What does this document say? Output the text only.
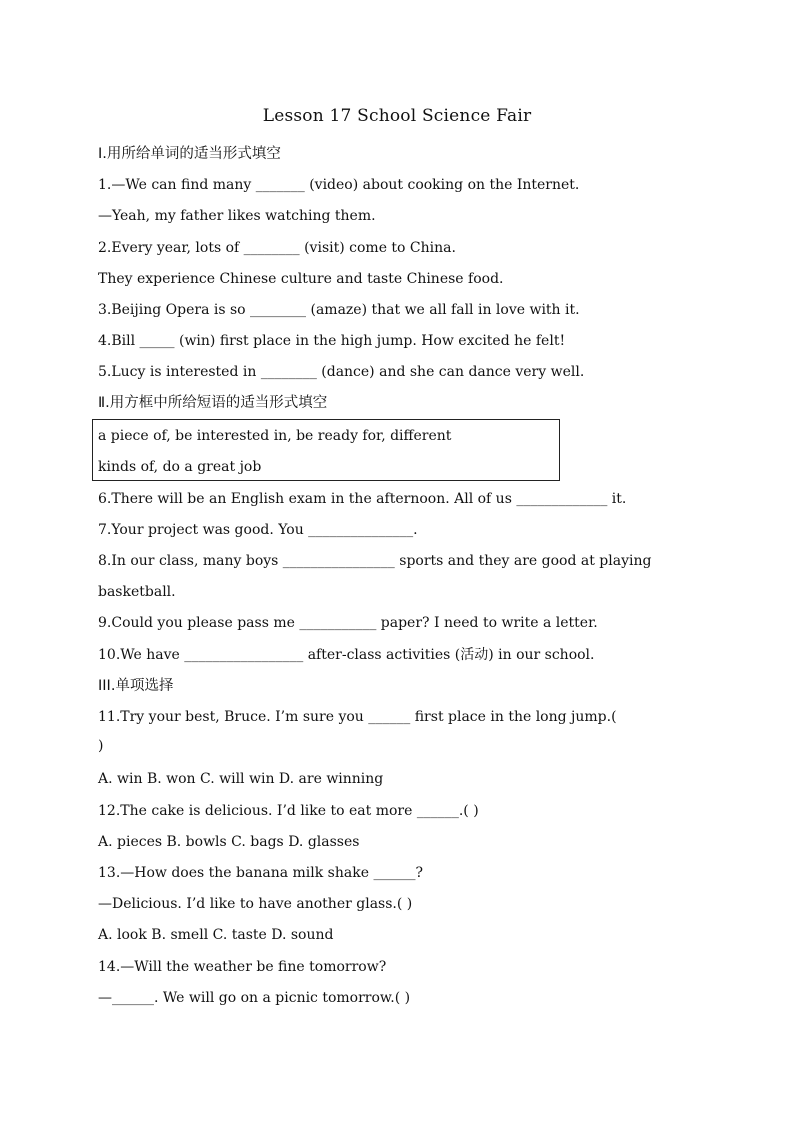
Lesson 17 School Science Fair
Ⅰ.用所给单词的适当形式填空
1.—We can find many _______ (video) about cooking on the Internet.
—Yeah, my father likes watching them.
2.Every year, lots of ________ (visit) come to China.
They experience Chinese culture and taste Chinese food.
3.Beijing Opera is so ________ (amaze) that we all fall in love with it.
4.Bill _____ (win) first place in the high jump. How excited he felt!
5.Lucy is interested in ________ (dance) and she can dance very well.
Ⅱ.用方框中所给短语的适当形式填空
a piece of, be interested in, be ready for, different
kinds of, do a great job
6.There will be an English exam in the afternoon. All of us _____________ it.
7.Your project was good. You _______________.
8.In our class, many boys ________________ sports and they are good at playing
basketball.
9.Could you please pass me ___________ paper? I need to write a letter.
10.We have _________________ after-class activities (活动) in our school.
III.单项选择
11.Try your best, Bruce. I’m sure you ______ first place in the long jump.(
)
A. win B. won C. will win D. are winning
12.The cake is delicious. I’d like to eat more ______.( )
A. pieces B. bowls C. bags D. glasses
13.—How does the banana milk shake ______?
—Delicious. I’d like to have another glass.( )
A. look B. smell C. taste D. sound
14.—Will the weather be fine tomorrow?
—______. We will go on a picnic tomorrow.( )
